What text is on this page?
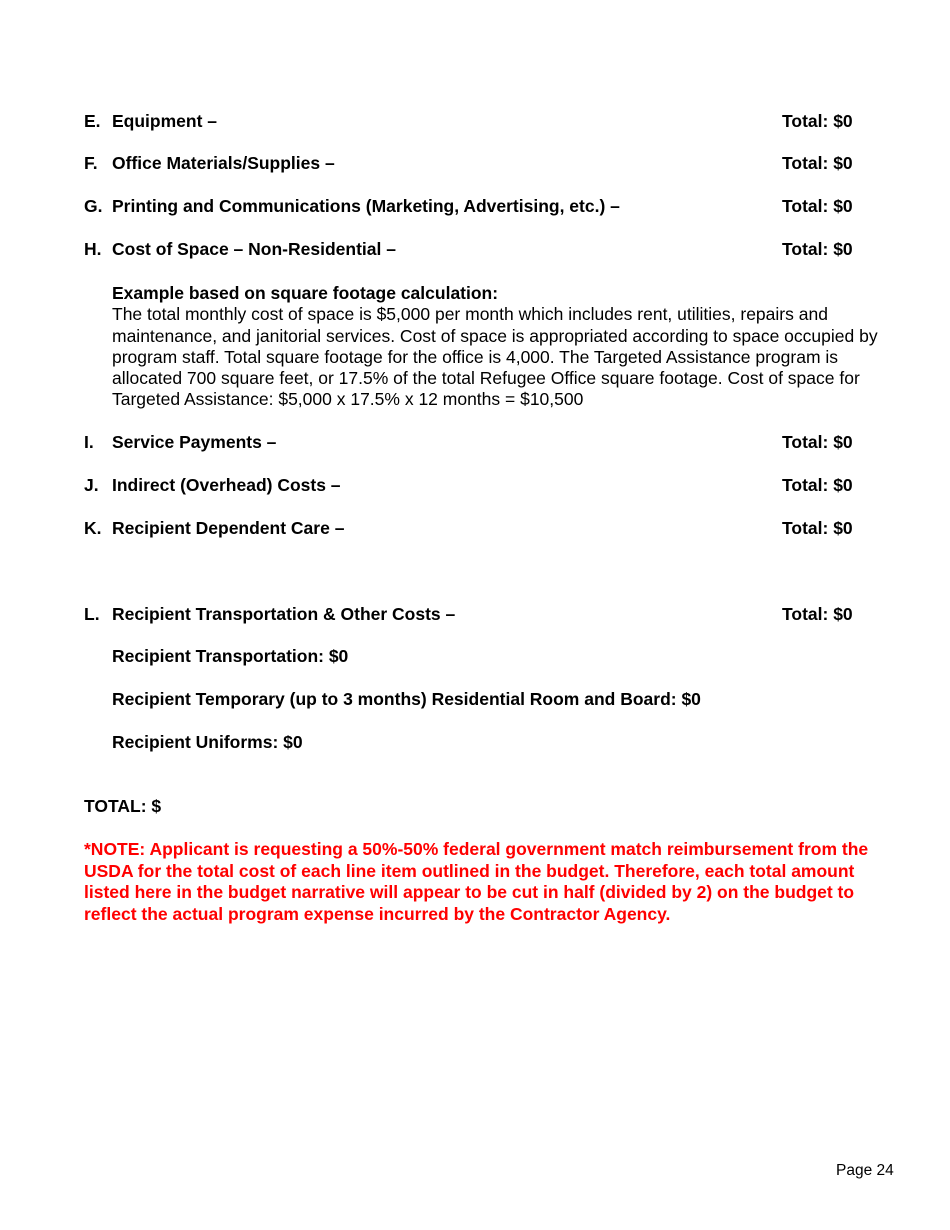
E. Equipment –	Total: $0
F. Office Materials/Supplies –	Total: $0
G. Printing and Communications (Marketing, Advertising, etc.) –	Total: $0
H. Cost of Space – Non-Residential –	Total: $0
Example based on square footage calculation:
The total monthly cost of space is $5,000 per month which includes rent, utilities, repairs and maintenance, and janitorial services. Cost of space is appropriated according to space occupied by program staff. Total square footage for the office is 4,000. The Targeted Assistance program is allocated 700 square feet, or 17.5% of the total Refugee Office square footage. Cost of space for Targeted Assistance: $5,000 x 17.5% x 12 months = $10,500
I. Service Payments –	Total: $0
J. Indirect (Overhead) Costs –	Total: $0
K. Recipient Dependent Care –	Total: $0
L. Recipient Transportation & Other Costs –	Total: $0
Recipient Transportation: $0
Recipient Temporary (up to 3 months) Residential Room and Board: $0
Recipient Uniforms: $0
TOTAL: $
*NOTE: Applicant is requesting a 50%-50% federal government match reimbursement from the USDA for the total cost of each line item outlined in the budget. Therefore, each total amount listed here in the budget narrative will appear to be cut in half (divided by 2) on the budget to reflect the actual program expense incurred by the Contractor Agency.
Page 24
